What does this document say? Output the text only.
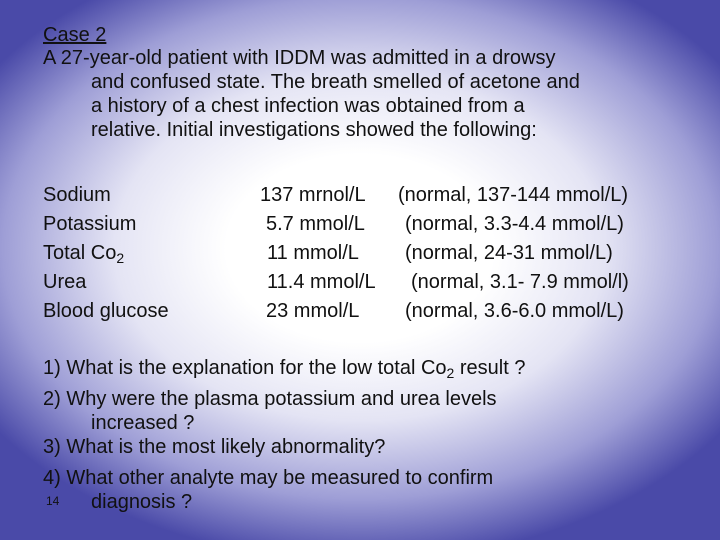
Case 2
A 27-year-old patient with IDDM was admitted in a drowsy
and confused state. The breath smelled of acetone and
a history of a chest infection was obtained from a
relative. Initial investigations showed the following:
Sodium	137 mrnol/L (normal, 137-144 mmol/L)
Potassium	5.7 mmol/L (normal, 3.3-4.4 mmol/L)
Total $Co_2$	11 mmol/L (normal, 24-31 mmol/L)
Urea	11.4 mmol/L (normal, 3.1- 7.9 mmol/l)
Blood glucose	23 mmol/L (normal, 3.6-6.0 mmol/L)
1) What is the explanation for the low total $Co_2$ result ?
2) Why were the plasma potassium and urea levels
increased ?
3) What is the most likely abnormality?
4) What other analyte may be measured to confirm
diagnosis ?
14
